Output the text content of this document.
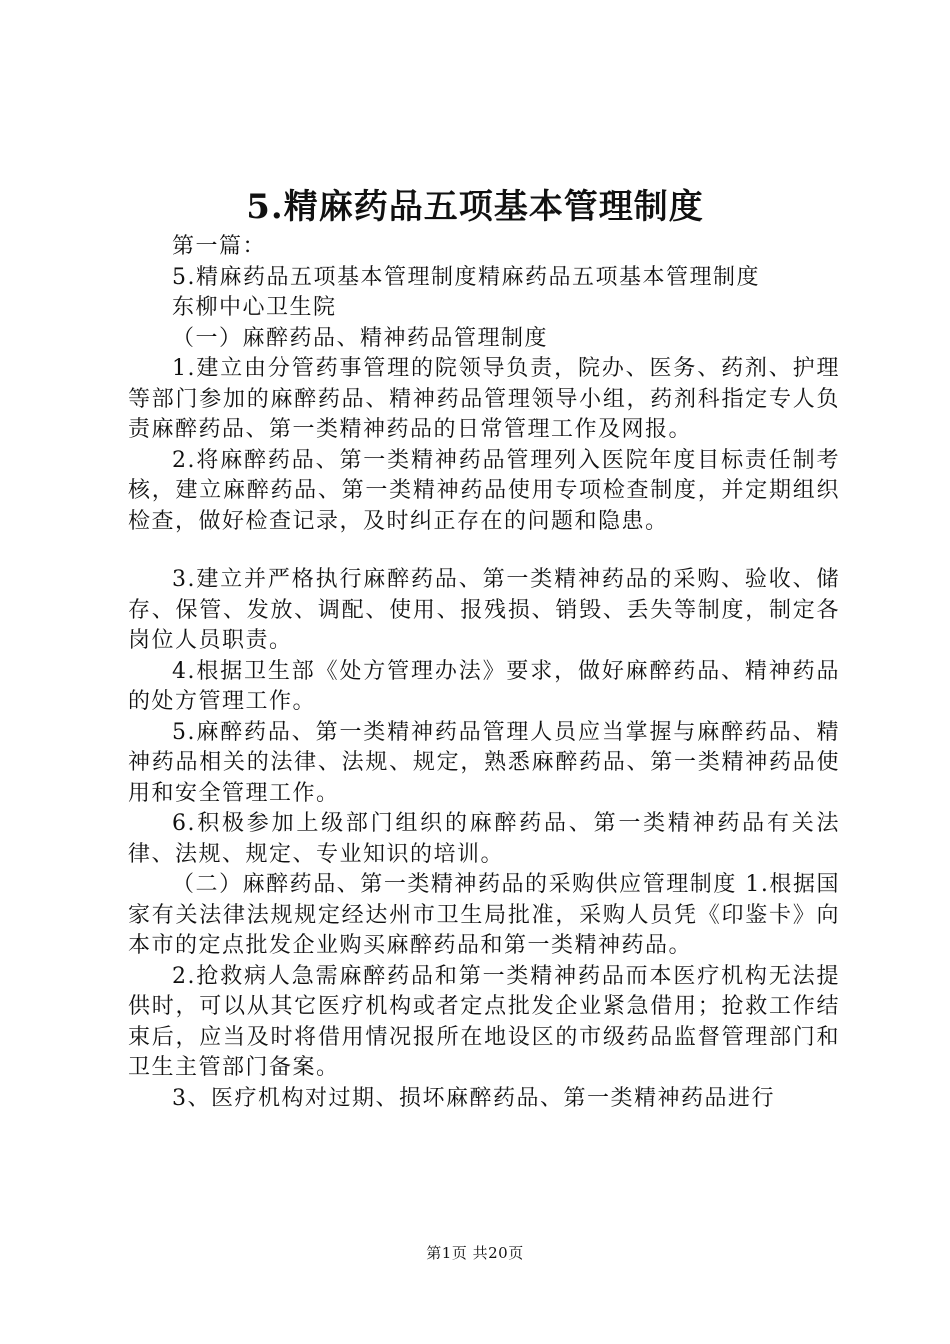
5.精麻药品五项基本管理制度

第一篇：

5.精麻药品五项基本管理制度精麻药品五项基本管理制度

东柳中心卫生院

（一）麻醉药品、精神药品管理制度

1.建立由分管药事管理的院领导负责，院办、医务、药剂、护理等部门参加的麻醉药品、精神药品管理领导小组，药剂科指定专人负责麻醉药品、第一类精神药品的日常管理工作及网报。

2.将麻醉药品、第一类精神药品管理列入医院年度目标责任制考核，建立麻醉药品、第一类精神药品使用专项检查制度，并定期组织检查，做好检查记录，及时纠正存在的问题和隐患。

3.建立并严格执行麻醉药品、第一类精神药品的采购、验收、储存、保管、发放、调配、使用、报残损、销毁、丢失等制度，制定各岗位人员职责。

4.根据卫生部《处方管理办法》要求，做好麻醉药品、精神药品的处方管理工作。

5.麻醉药品、第一类精神药品管理人员应当掌握与麻醉药品、精神药品相关的法律、法规、规定，熟悉麻醉药品、第一类精神药品使用和安全管理工作。

6.积极参加上级部门组织的麻醉药品、第一类精神药品有关法律、法规、规定、专业知识的培训。

（二）麻醉药品、第一类精神药品的采购供应管理制度 1.根据国家有关法律法规规定经达州市卫生局批准，采购人员凭《印鉴卡》向本市的定点批发企业购买麻醉药品和第一类精神药品。

2.抢救病人急需麻醉药品和第一类精神药品而本医疗机构无法提供时，可以从其它医疗机构或者定点批发企业紧急借用；抢救工作结束后，应当及时将借用情况报所在地设区的市级药品监督管理部门和卫生主管部门备案。

3、医疗机构对过期、损坏麻醉药品、第一类精神药品进行

第1页 共20页
